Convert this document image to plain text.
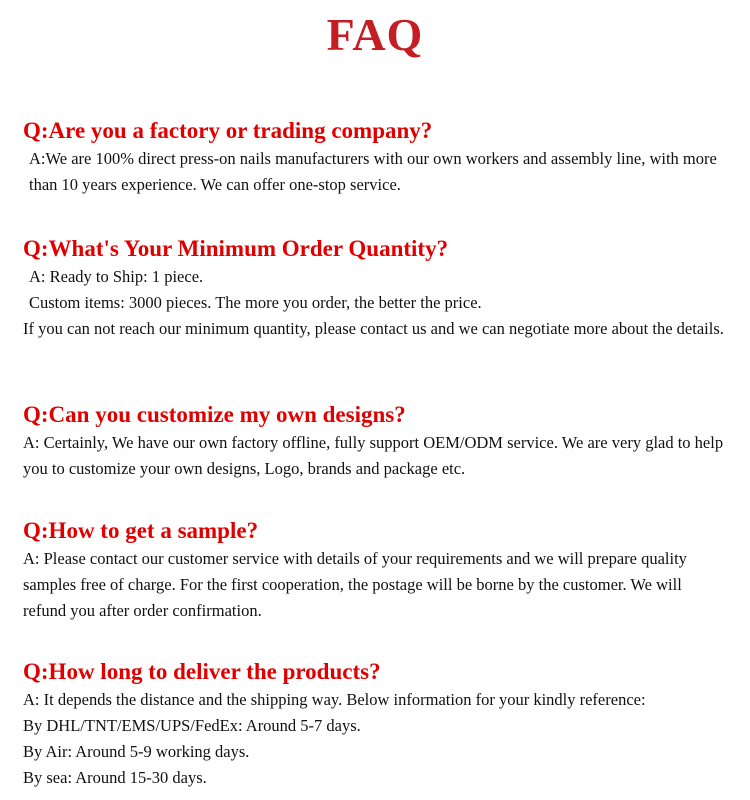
FAQ
Q:Are you a factory or trading company?

A:We are 100% direct press-on nails manufacturers with our own workers and assembly line, with more than 10 years experience. We can offer one-stop service.

Q:What's Your Minimum Order Quantity?

A: Ready to Ship: 1 piece.
Custom items: 3000 pieces. The more you order, the better the price.
If you can not reach our minimum quantity, please contact us and we can negotiate more about the details.

Q:Can you customize my own designs?

A: Certainly, We have our own factory offline, fully support OEM/ODM service. We are very glad to help you to customize your own designs, Logo, brands and package etc.

Q:How to get a sample?

A: Please contact our customer service with details of your requirements and we will prepare quality samples free of charge. For the first cooperation, the postage will be borne by the customer. We will refund you after order confirmation.

Q:How long to deliver the products?

A: It depends the distance and the shipping way. Below information for your kindly reference:
By DHL/TNT/EMS/UPS/FedEx: Around 5-7 days.
By Air: Around 5-9 working days.
By sea: Around 15-30 days.
